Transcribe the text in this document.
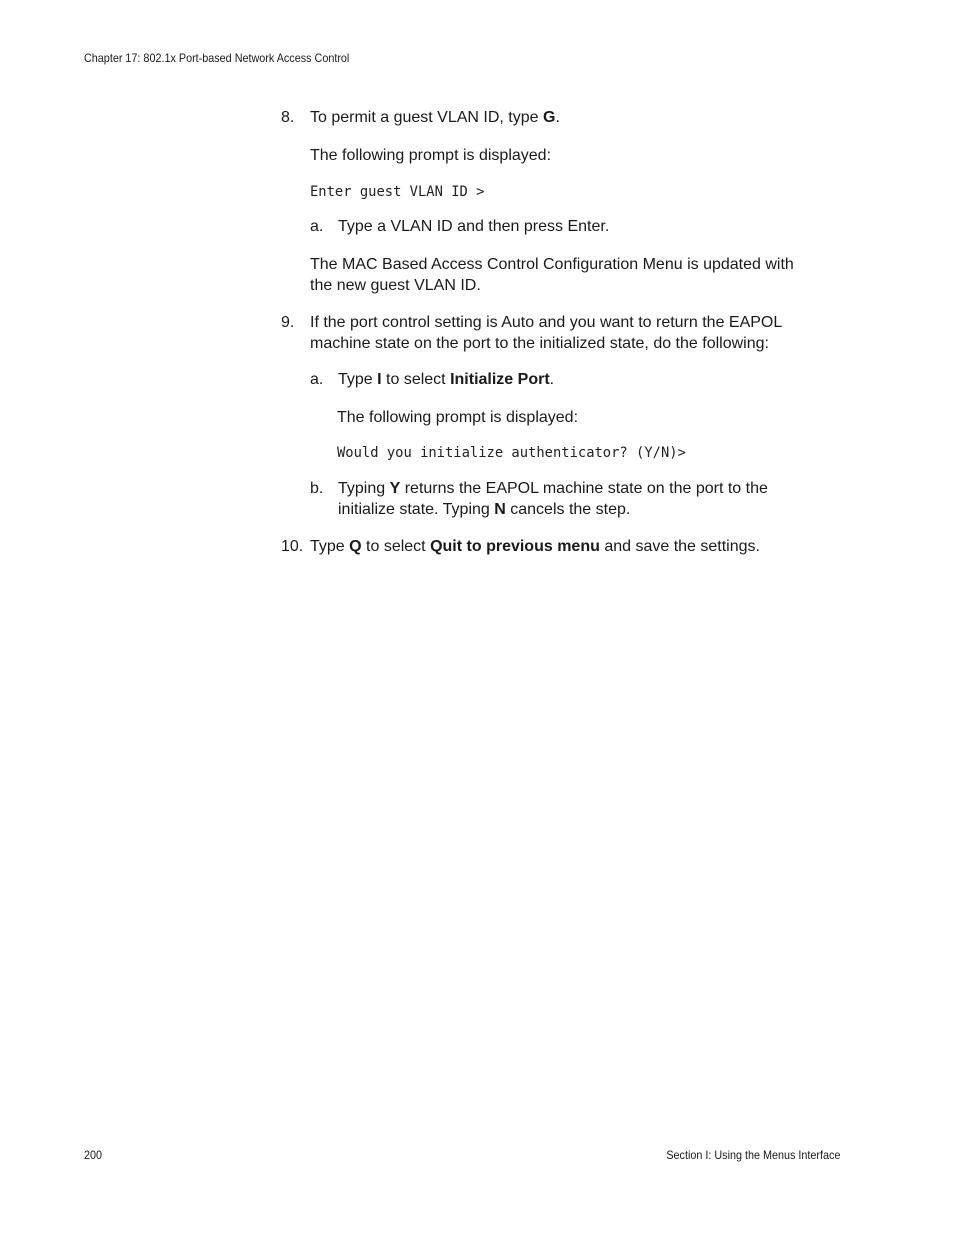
Chapter 17: 802.1x Port-based Network Access Control
8. To permit a guest VLAN ID, type G.
The following prompt is displayed:
Enter guest VLAN ID >
a. Type a VLAN ID and then press Enter.
The MAC Based Access Control Configuration Menu is updated with
the new guest VLAN ID.
9. If the port control setting is Auto and you want to return the EAPOL
machine state on the port to the initialized state, do the following:
a. Type I to select Initialize Port.
The following prompt is displayed:
Would you initialize authenticator? (Y/N)>
b. Typing Y returns the EAPOL machine state on the port to the
initialize state. Typing N cancels the step.
10. Type Q to select Quit to previous menu and save the settings.
200	Section I: Using the Menus Interface
